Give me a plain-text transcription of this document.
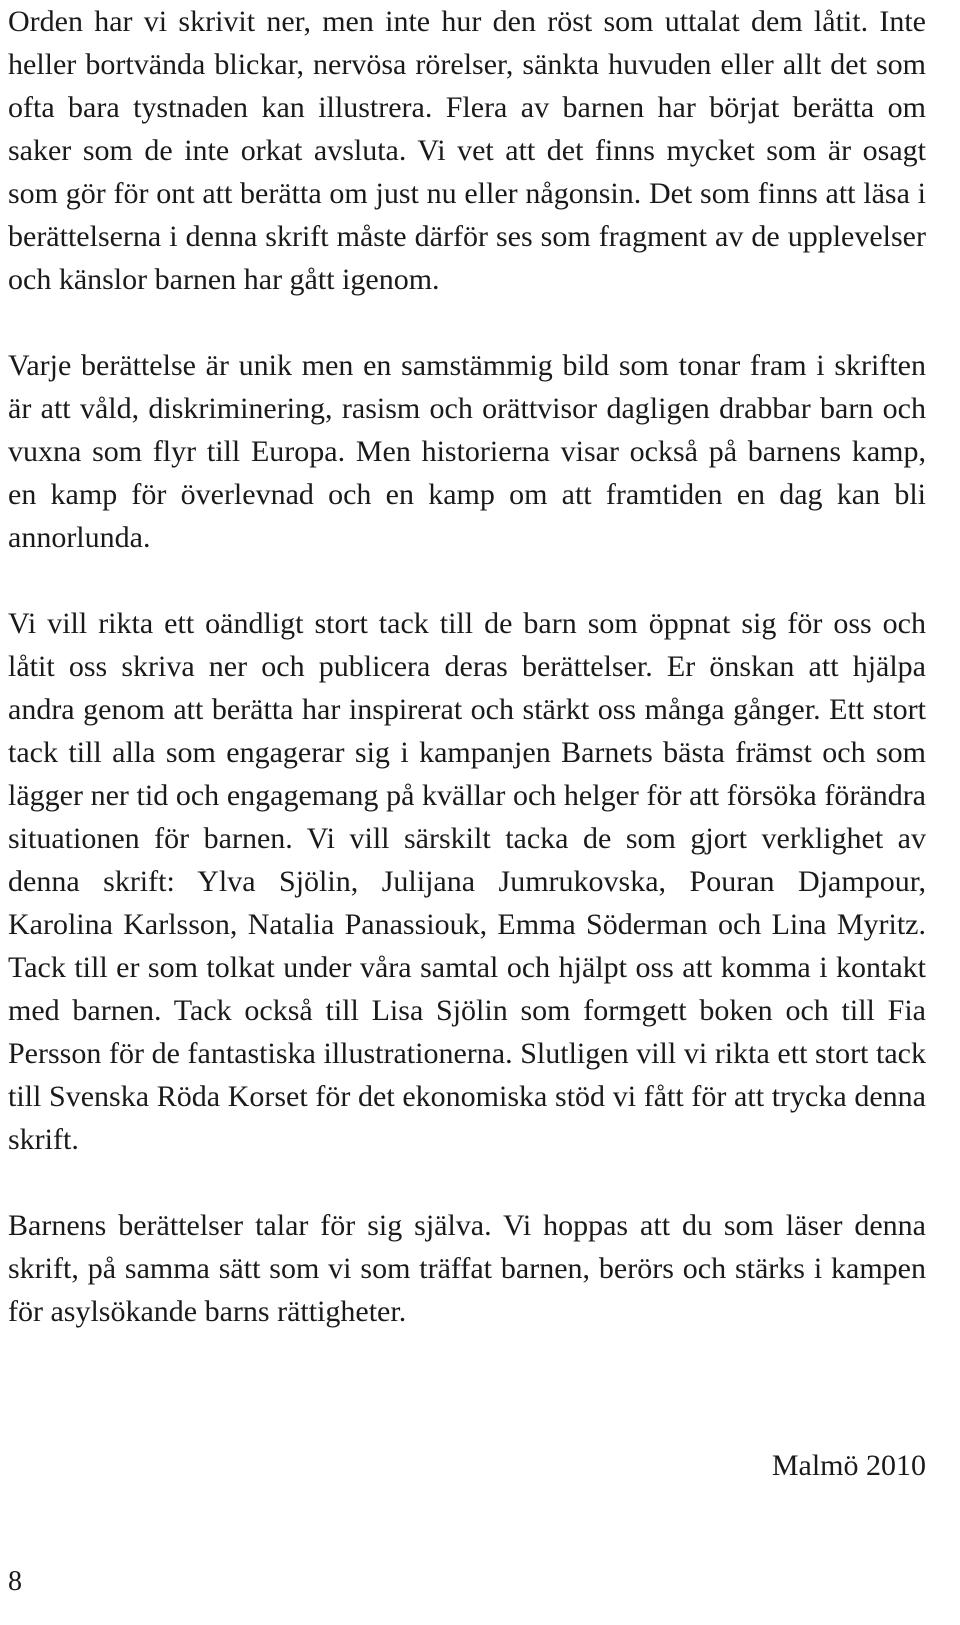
Orden har vi skrivit ner, men inte hur den röst som uttalat dem låtit. Inte heller bortvända blickar, nervösa rörelser, sänkta huvuden eller allt det som ofta bara tystnaden kan illustrera. Flera av barnen har börjat berätta om saker som de inte orkat avsluta. Vi vet att det finns mycket som är osagt som gör för ont att berätta om just nu eller någonsin. Det som finns att läsa i berättelserna i denna skrift måste därför ses som fragment av de upplevelser och känslor barnen har gått igenom.

Varje berättelse är unik men en samstämmig bild som tonar fram i skriften är att våld, diskriminering, rasism och orättvisor dagligen drabbar barn och vuxna som flyr till Europa. Men historierna visar också på barnens kamp, en kamp för överlevnad och en kamp om att framtiden en dag kan bli annorlunda.

Vi vill rikta ett oändligt stort tack till de barn som öppnat sig för oss och låtit oss skriva ner och publicera deras berättelser. Er önskan att hjälpa andra genom att berätta har inspirerat och stärkt oss många gånger. Ett stort tack till alla som engagerar sig i kampanjen Barnets bästa främst och som lägger ner tid och engagemang på kvällar och helger för att försöka förändra situationen för barnen. Vi vill särskilt tacka de som gjort verklighet av denna skrift: Ylva Sjölin, Julijana Jumrukovska, Pouran Djampour, Karolina Karlsson, Natalia Panassiouk, Emma Söderman och Lina Myritz. Tack till er som tolkat under våra samtal och hjälpt oss att komma i kontakt med barnen. Tack också till Lisa Sjölin som formgett boken och till Fia Persson för de fantastiska illustrationerna. Slutligen vill vi rikta ett stort tack till Svenska Röda Korset för det ekonomiska stöd vi fått för att trycka denna skrift.

Barnens berättelser talar för sig själva. Vi hoppas att du som läser denna skrift, på samma sätt som vi som träffat barnen, berörs och stärks i kampen för asylsökande barns rättigheter.

Malmö 2010

8
